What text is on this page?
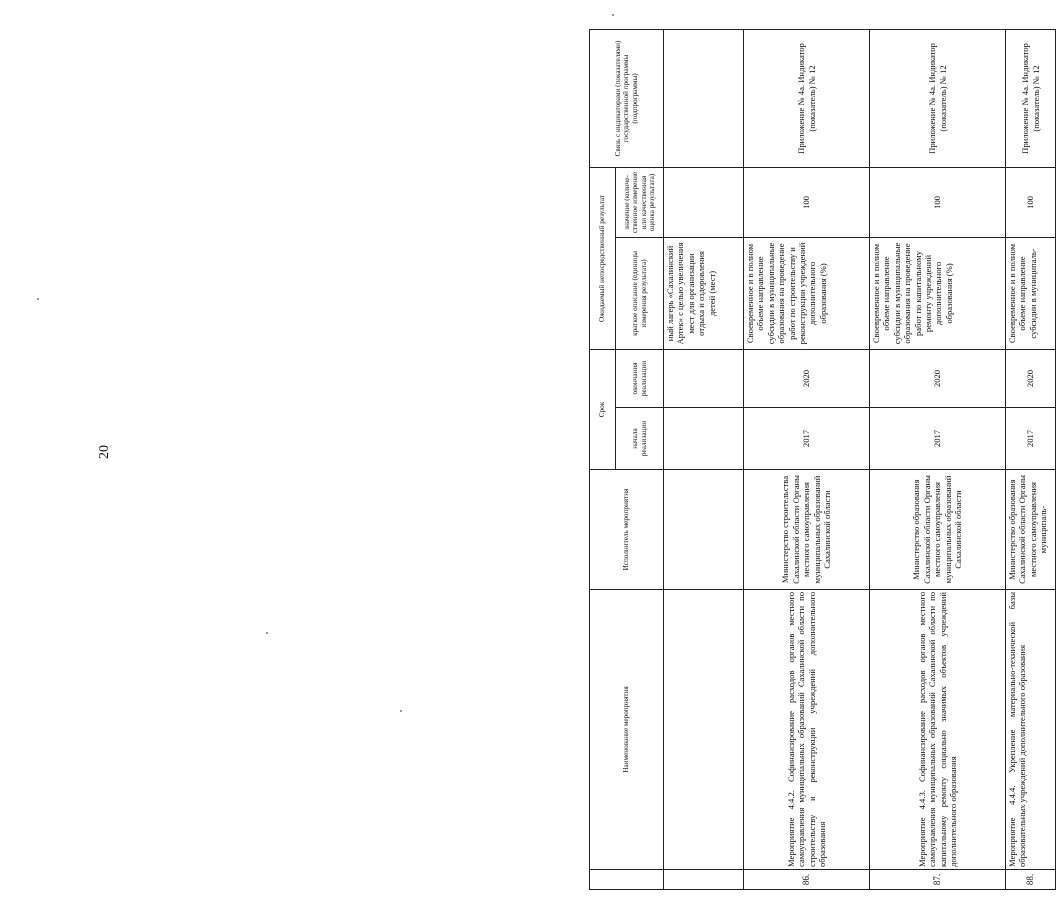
20
	Наименование мероприятия	Исполнитель мероприятия	Срок		Ожидаемый непосредственный результат		Связь с индикаторами (показателями) государственной программы (подпрограммы)
			начала реализации	окончания реализации	краткое описание (единицы измерения результата)	значение (количе-ственное измерение или качественная оценка результата)	

					ный лагерь «Сахалинский Артек» с целью увеличения мест для организации отдыха и оздоровления детей (мест)		
86.	Мероприятие 4.4.2. Софинансирование расходов органов местного самоуправления муниципальных образований Сахалинской области по строительству и реконструкции учреждений дополнительного образования	Министерство строительства Сахалинской области Органы местного самоуправления муниципальных образований Сахалинской области	2017	2020	Своевременное и в полном объеме направление субсидии в муниципальные образования на проведение работ по строительству и реконструкции учреждений дополнительного образования (%)	100	Приложение № 4а. Индикатор (показатель) № 12
87.	Мероприятие 4.4.3. Софинансирование расходов органов местного самоуправления муниципальных образований Сахалинской области по капитальному ремонту социально значимых объектов учреждений дополнительного образования	Министерство образования Сахалинской области Органы местного самоуправления муниципальных образований Сахалинской области	2017	2020	Своевременное и в полном объеме направление субсидии в муниципальные образования на проведение работ по капитальному ремонту учреждений дополнительного образования (%)	100	Приложение № 4а. Индикатор (показатель) № 12
88.	Мероприятие 4.4.4. Укрепление материально-технической базы образовательных учреждений дополнительного образования	Министерство образования Сахалинской области Органы местного самоуправления муниципаль-	2017	2020	Своевременное и в полном объеме направление субсидии в муниципаль-	100	Приложение № 4а. Индикатор (показатель) № 12
